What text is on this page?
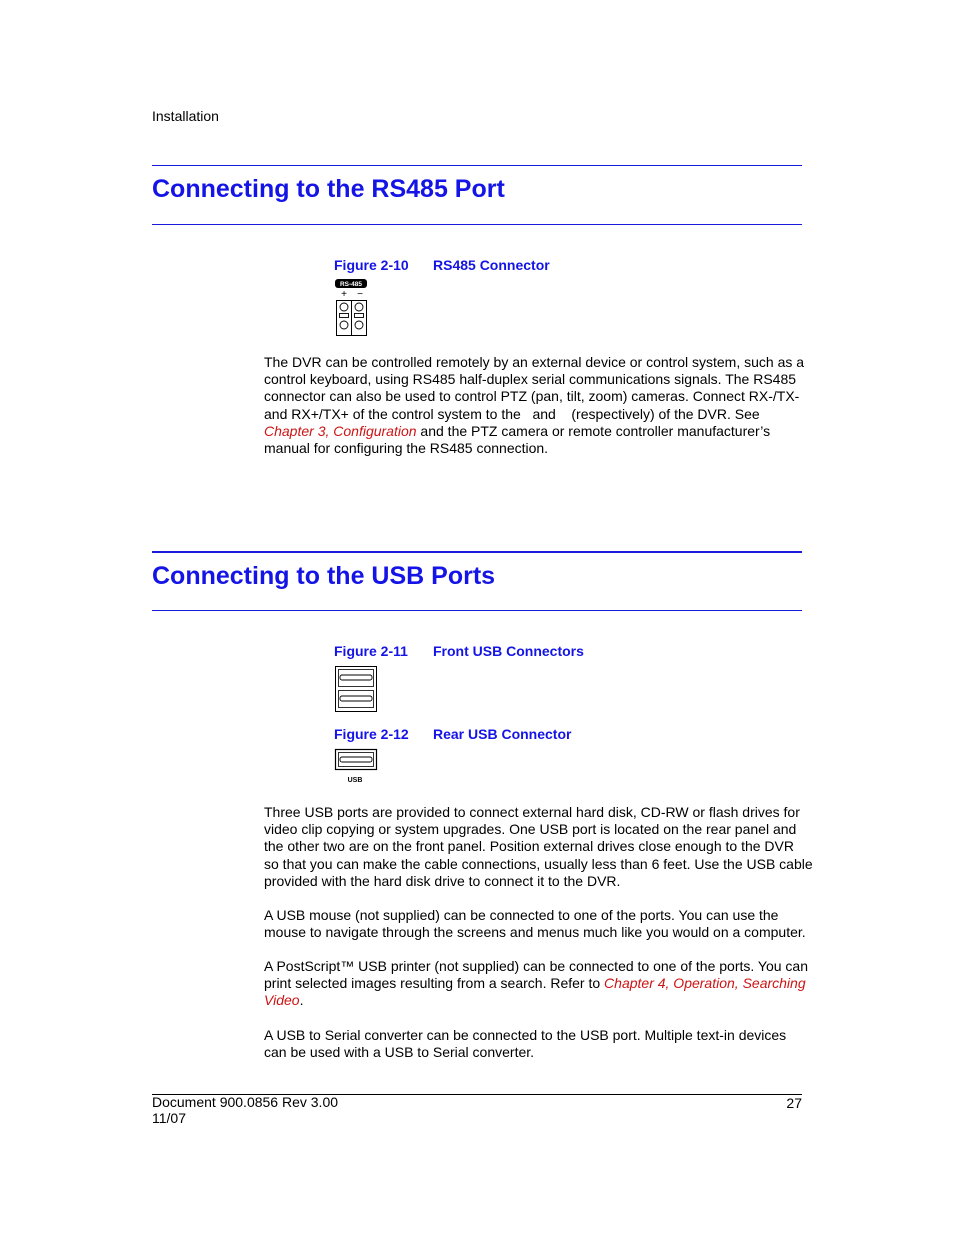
Installation
Connecting to the RS485 Port
Figure 2-10 RS485 Connector
RS-485
+ −
The DVR can be controlled remotely by an external device or control system, such as a
control keyboard, using RS485 half-duplex serial communications signals. The RS485
connector can also be used to control PTZ (pan, tilt, zoom) cameras. Connect RX-/TX-
and RX+/TX+ of the control system to the   and    (respectively) of the DVR. See
Chapter 3, Configuration and the PTZ camera or remote controller manufacturer’s
manual for configuring the RS485 connection.
Connecting to the USB Ports
Figure 2-11 Front USB Connectors
Figure 2-12 Rear USB Connector
USB
Three USB ports are provided to connect external hard disk, CD-RW or flash drives for
video clip copying or system upgrades. One USB port is located on the rear panel and
the other two are on the front panel. Position external drives close enough to the DVR
so that you can make the cable connections, usually less than 6 feet. Use the USB cable
provided with the hard disk drive to connect it to the DVR.
A USB mouse (not supplied) can be connected to one of the ports. You can use the
mouse to navigate through the screens and menus much like you would on a computer.
A PostScript™ USB printer (not supplied) can be connected to one of the ports. You can
print selected images resulting from a search. Refer to Chapter 4, Operation, Searching
Video.
A USB to Serial converter can be connected to the USB port. Multiple text-in devices
can be used with a USB to Serial converter.
Document 900.0856 Rev 3.00
11/07
27
